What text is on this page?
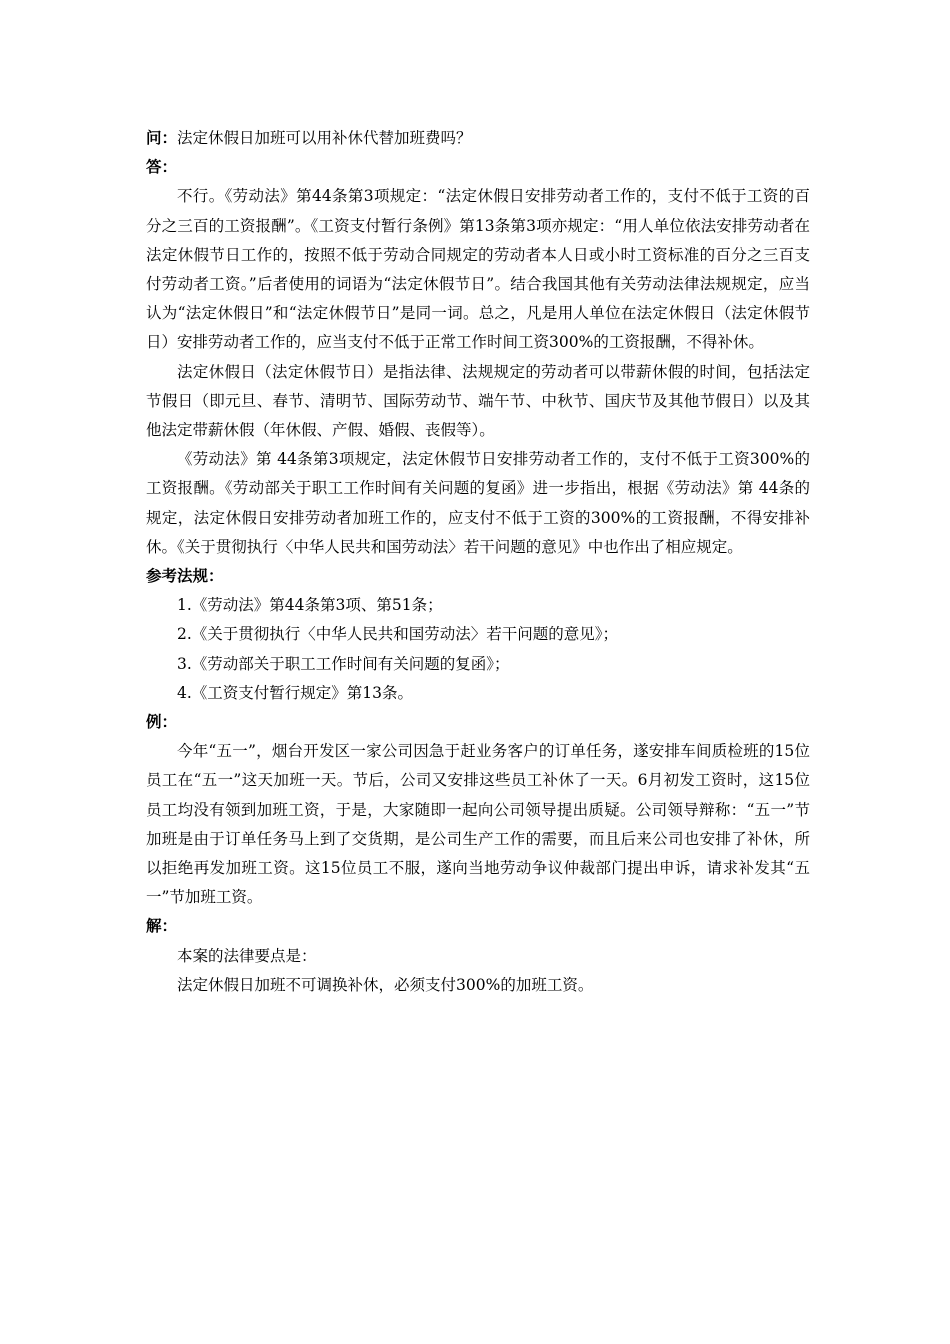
问：法定休假日加班可以用补休代替加班费吗？

答：

不行。《劳动法》第44条第3项规定：“法定休假日安排劳动者工作的，支付不低于工资的百分之三百的工资报酬”。《工资支付暂行条例》第13条第3项亦规定：“用人单位依法安排劳动者在法定休假节日工作的，按照不低于劳动合同规定的劳动者本人日或小时工资标准的百分之三百支付劳动者工资。”后者使用的词语为“法定休假节日”。结合我国其他有关劳动法律法规规定，应当认为“法定休假日”和“法定休假节日”是同一词。总之，凡是用人单位在法定休假日（法定休假节日）安排劳动者工作的，应当支付不低于正常工作时间工资300%的工资报酬，不得补休。

法定休假日（法定休假节日）是指法律、法规规定的劳动者可以带薪休假的时间，包括法定节假日（即元旦、春节、清明节、国际劳动节、端午节、中秋节、国庆节及其他节假日）以及其他法定带薪休假（年休假、产假、婚假、丧假等）。

《劳动法》第 44条第3项规定，法定休假节日安排劳动者工作的，支付不低于工资300%的工资报酬。《劳动部关于职工工作时间有关问题的复函》进一步指出，根据《劳动法》第 44条的规定，法定休假日安排劳动者加班工作的，应支付不低于工资的300%的工资报酬，不得安排补休。《关于贯彻执行〈中华人民共和国劳动法〉若干问题的意见》中也作出了相应规定。

参考法规：

1.《劳动法》第44条第3项、第51条；

2.《关于贯彻执行〈中华人民共和国劳动法〉若干问题的意见》；

3.《劳动部关于职工工作时间有关问题的复函》；

4.《工资支付暂行规定》第13条。

例：

今年“五一”，烟台开发区一家公司因急于赶业务客户的订单任务，遂安排车间质检班的15位员工在“五一”这天加班一天。节后，公司又安排这些员工补休了一天。6月初发工资时，这15位员工均没有领到加班工资，于是，大家随即一起向公司领导提出质疑。公司领导辩称：“五一”节加班是由于订单任务马上到了交货期，是公司生产工作的需要，而且后来公司也安排了补休，所以拒绝再发加班工资。这15位员工不服，遂向当地劳动争议仲裁部门提出申诉，请求补发其“五一”节加班工资。

解：

本案的法律要点是：

法定休假日加班不可调换补休，必须支付300%的加班工资。
